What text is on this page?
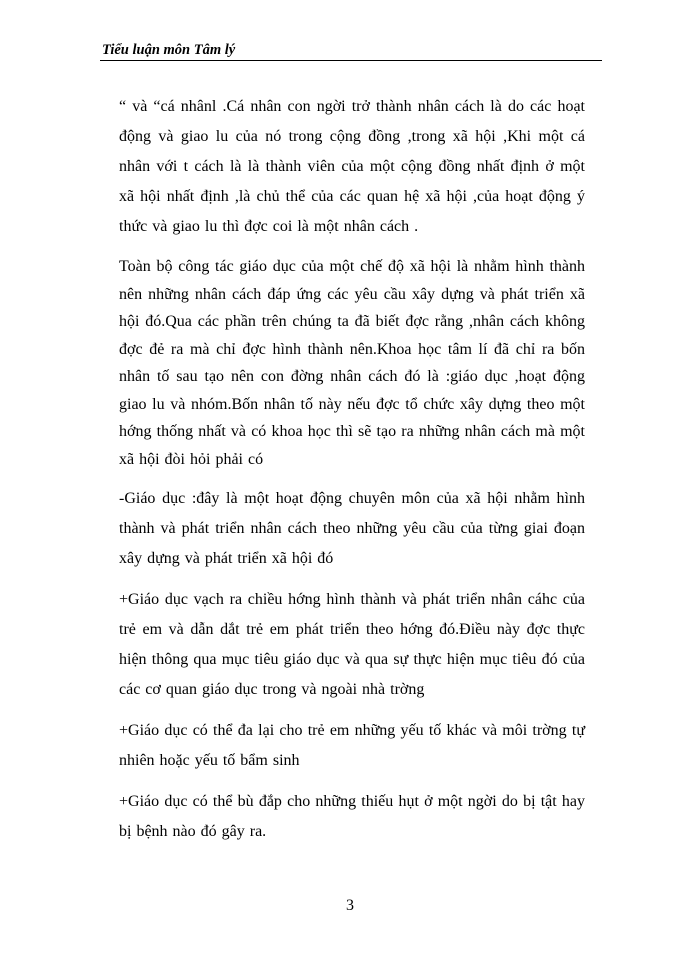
Tiểu luận môn Tâm lý

“ và “cá nhânl .Cá nhân con ngời trở thành nhân cách là do các hoạt động và giao lu của nó trong cộng đồng ,trong xã hội ,Khi một cá nhân với t cách là là thành viên của một cộng đồng nhất định ở một xã hội nhất định ,là chủ thể của các quan hệ xã hội ,của hoạt động ý thức và giao lu thì đợc coi là một nhân cách .

Toàn bộ công tác giáo dục của một chế độ xã hội là nhằm hình thành nên những nhân cách đáp ứng các yêu cầu xây dựng và phát triển xã hội đó.Qua các phần trên chúng ta đã biết đợc rằng ,nhân cách không đợc đẻ ra mà chỉ đợc hình thành nên.Khoa học tâm lí đã chỉ ra bốn nhân tố sau tạo nên con đờng nhân cách đó là :giáo dục ,hoạt động giao lu và nhóm.Bốn nhân tố này nếu đợc tổ chức xây dựng theo một hớng thống nhất và có khoa học thì sẽ tạo ra những nhân cách mà một xã hội đòi hỏi phải có

-Giáo dục :đây là một hoạt động chuyên môn của xã hội nhằm hình thành và phát triển nhân cách theo những yêu cầu của từng giai đoạn xây dựng và phát triển xã hội đó

+Giáo dục vạch ra chiều hớng hình thành và phát triển nhân cáhc của trẻ em và dẫn dắt trẻ em phát triển theo hớng đó.Điều này đợc thực hiện thông qua mục tiêu giáo dục và qua sự thực hiện mục tiêu đó của các cơ quan giáo dục trong và ngoài nhà trờng

+Giáo dục có thể đa lại cho trẻ em những yếu tố khác và môi trờng tự nhiên hoặc yếu tố bẩm sinh

+Giáo dục có thể bù đắp cho những thiếu hụt ở một ngời do bị tật hay bị bệnh nào đó gây ra.

3
